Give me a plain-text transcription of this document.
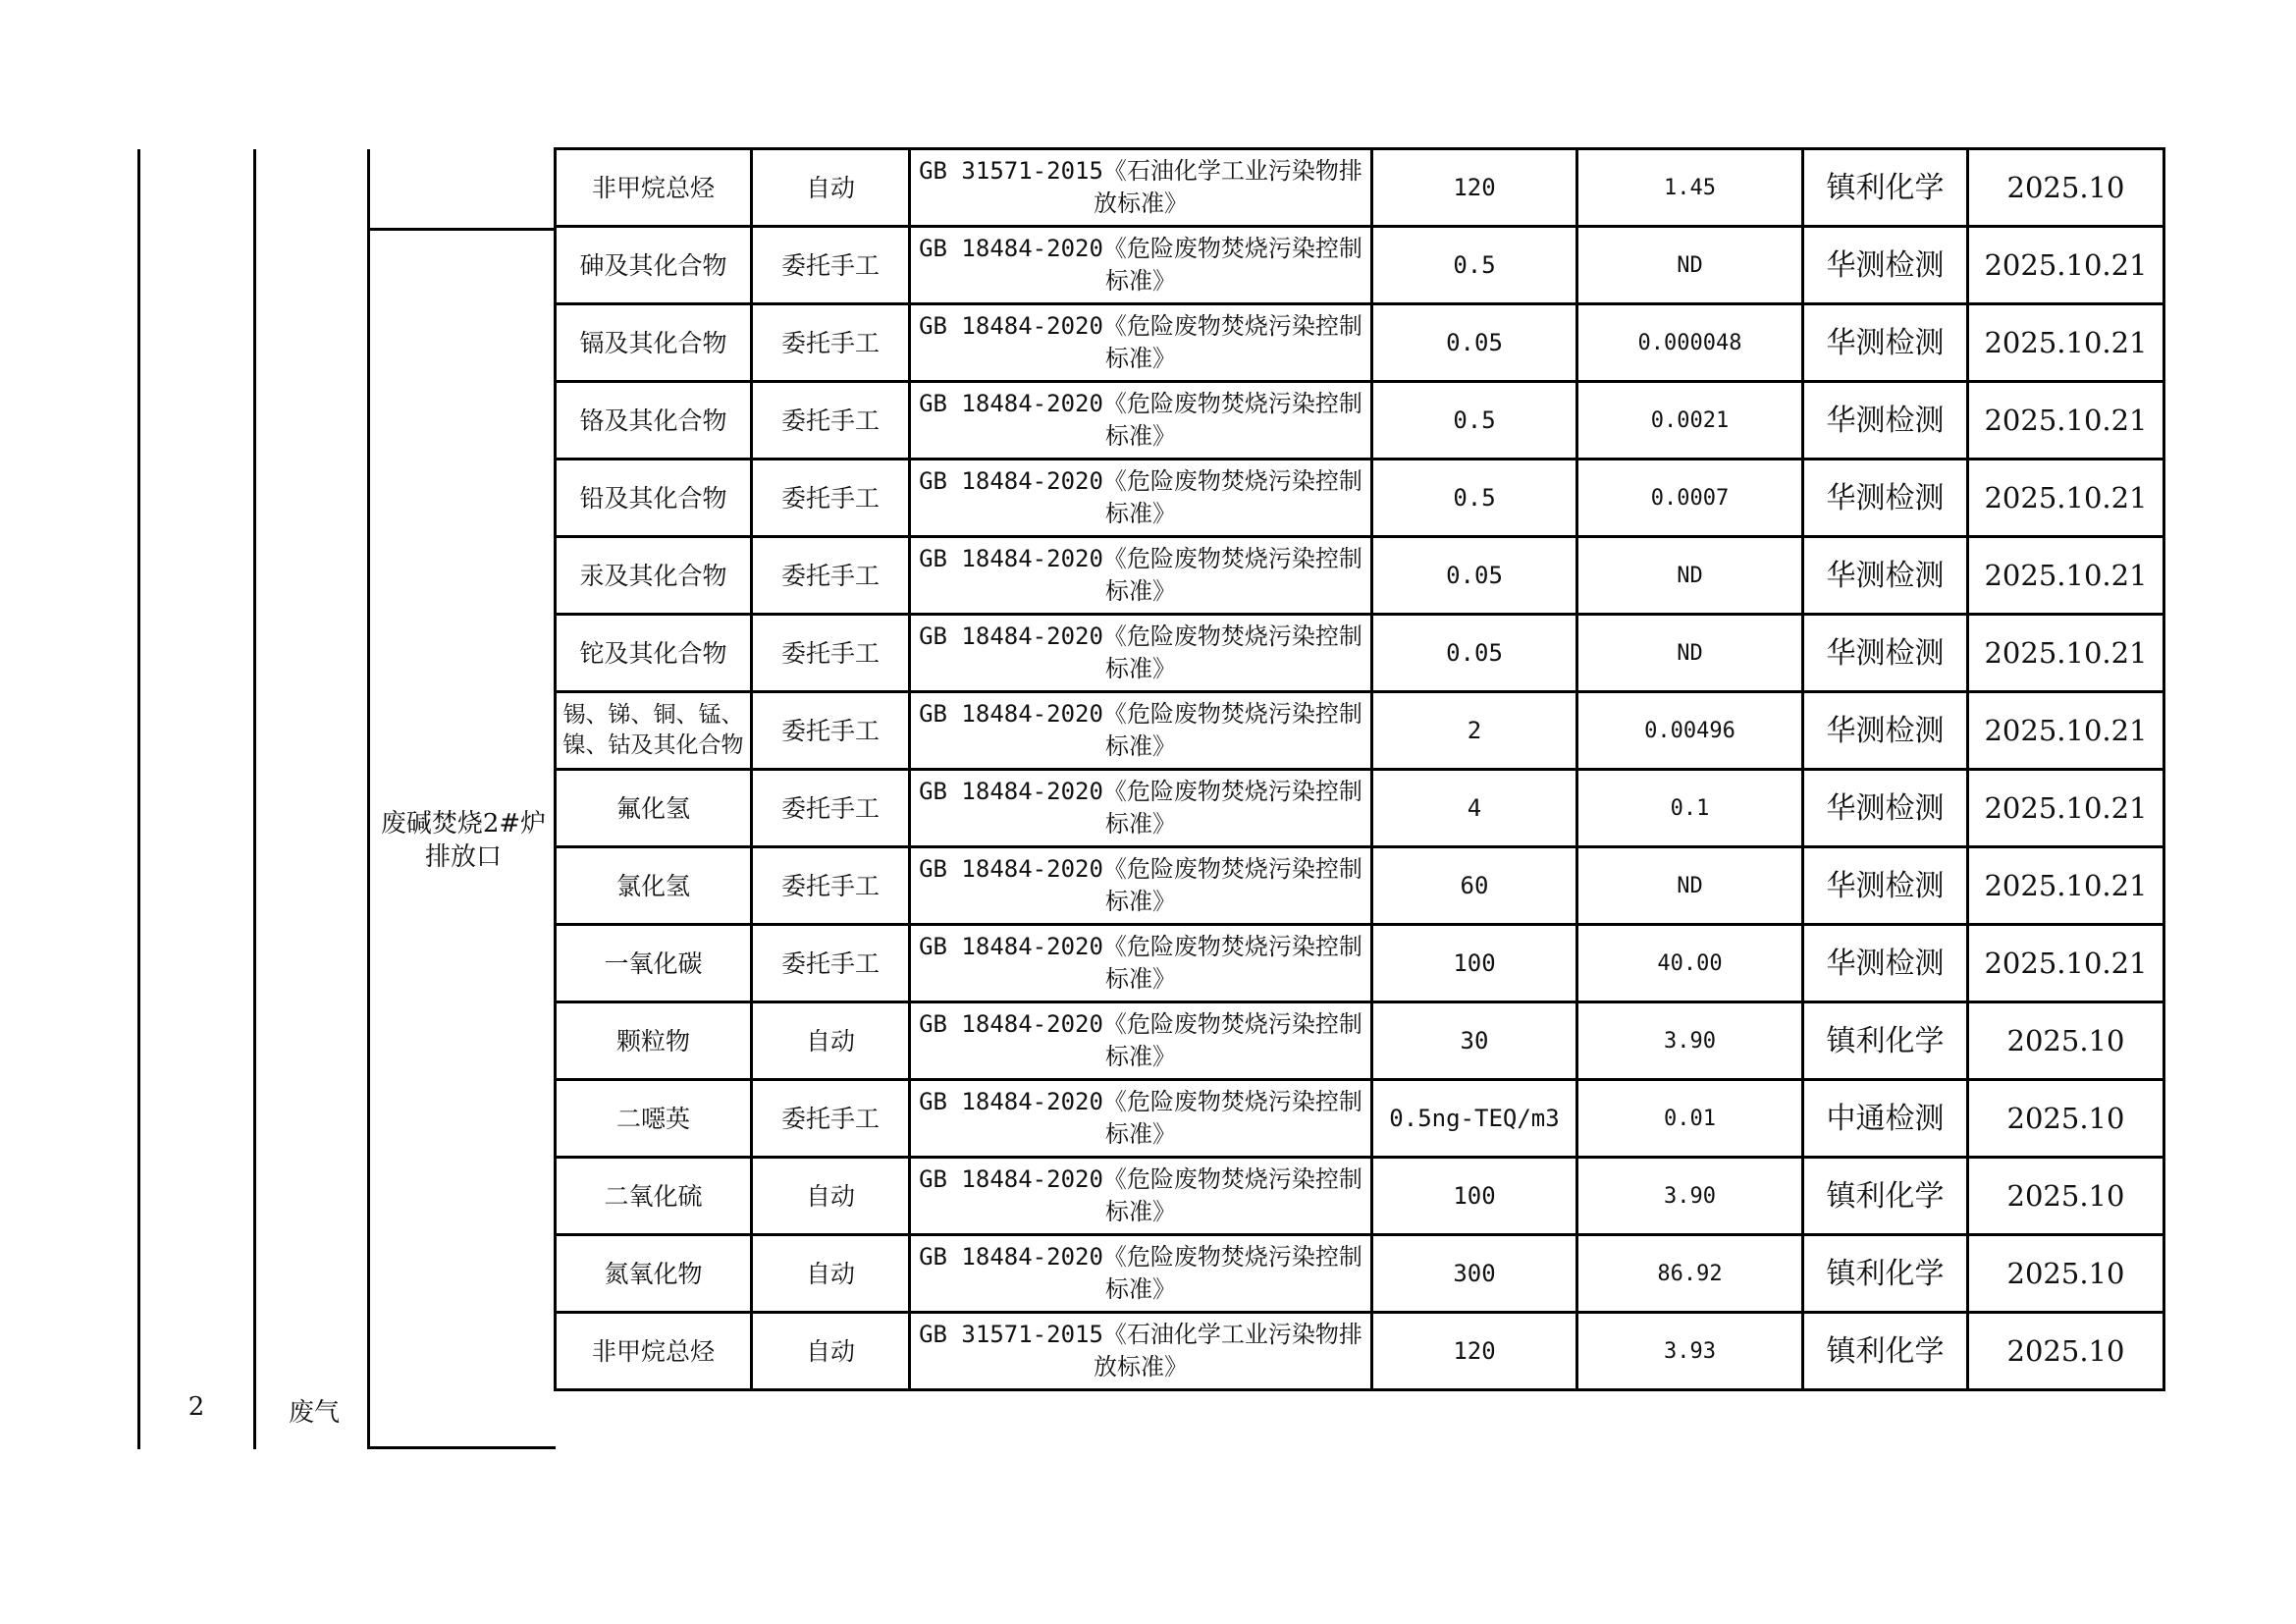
2	废气
废碱焚烧2#炉排放口
非甲烷总烃	自动	GB 31571-2015《石油化学工业污染物排放标准》	120	1.45	镇利化学	2025.10
砷及其化合物	委托手工	GB 18484-2020《危险废物焚烧污染控制标准》	0.5	ND	华测检测	2025.10.21
镉及其化合物	委托手工	GB 18484-2020《危险废物焚烧污染控制标准》	0.05	0.000048	华测检测	2025.10.21
铬及其化合物	委托手工	GB 18484-2020《危险废物焚烧污染控制标准》	0.5	0.0021	华测检测	2025.10.21
铅及其化合物	委托手工	GB 18484-2020《危险废物焚烧污染控制标准》	0.5	0.0007	华测检测	2025.10.21
汞及其化合物	委托手工	GB 18484-2020《危险废物焚烧污染控制标准》	0.05	ND	华测检测	2025.10.21
铊及其化合物	委托手工	GB 18484-2020《危险废物焚烧污染控制标准》	0.05	ND	华测检测	2025.10.21
锡、锑、铜、锰、镍、钴及其化合物	委托手工	GB 18484-2020《危险废物焚烧污染控制标准》	2	0.00496	华测检测	2025.10.21
氟化氢	委托手工	GB 18484-2020《危险废物焚烧污染控制标准》	4	0.1	华测检测	2025.10.21
氯化氢	委托手工	GB 18484-2020《危险废物焚烧污染控制标准》	60	ND	华测检测	2025.10.21
一氧化碳	委托手工	GB 18484-2020《危险废物焚烧污染控制标准》	100	40.00	华测检测	2025.10.21
颗粒物	自动	GB 18484-2020《危险废物焚烧污染控制标准》	30	3.90	镇利化学	2025.10
二噁英	委托手工	GB 18484-2020《危险废物焚烧污染控制标准》	0.5ng-TEQ/m3	0.01	中通检测	2025.10
二氧化硫	自动	GB 18484-2020《危险废物焚烧污染控制标准》	100	3.90	镇利化学	2025.10
氮氧化物	自动	GB 18484-2020《危险废物焚烧污染控制标准》	300	86.92	镇利化学	2025.10
非甲烷总烃	自动	GB 31571-2015《石油化学工业污染物排放标准》	120	3.93	镇利化学	2025.10
